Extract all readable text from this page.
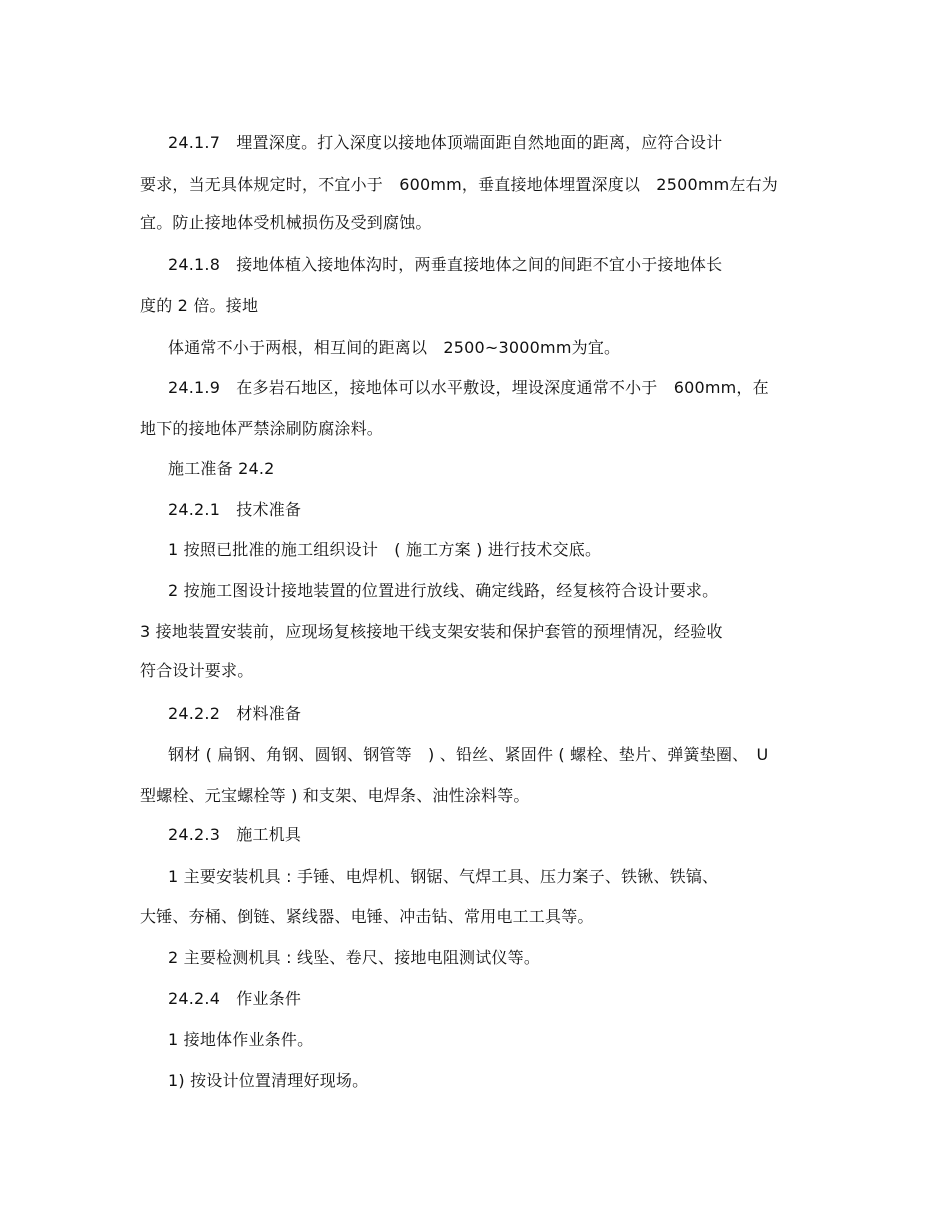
24.1.7　埋置深度。打入深度以接地体顶端面距自然地面的距离，应符合设计
要求，当无具体规定时，不宜小于　600mm，垂直接地体埋置深度以　2500mm左右为
宜。防止接地体受机械损伤及受到腐蚀。
24.1.8　接地体植入接地体沟时，两垂直接地体之间的间距不宜小于接地体长
度的 2 倍。接地
体通常不小于两根，相互间的距离以　2500~3000mm为宜。
24.1.9　在多岩石地区，接地体可以水平敷设，埋设深度通常不小于　600mm，在
地下的接地体严禁涂刷防腐涂料。
施工准备 24.2
24.2.1　技术准备
1 按照已批准的施工组织设计　( 施工方案 ) 进行技术交底。
2 按施工图设计接地装置的位置进行放线、确定线路，经复核符合设计要求。
3 接地装置安装前，应现场复核接地干线支架安装和保护套管的预埋情况，经验收
符合设计要求。
24.2.2　材料准备
钢材 ( 扁钢、角钢、圆钢、钢管等　) 、铅丝、紧固件 ( 螺栓、垫片、弹簧垫圈、　U
型螺栓、元宝螺栓等 ) 和支架、电焊条、油性涂料等。
24.2.3　施工机具
1 主要安装机具 : 手锤、电焊机、钢锯、气焊工具、压力案子、铁锹、铁镐、
大锤、夯桶、倒链、紧线器、电锤、冲击钻、常用电工工具等。
2 主要检测机具 : 线坠、卷尺、接地电阻测试仪等。
24.2.4　作业条件
1 接地体作业条件。
1) 按设计位置清理好现场。
